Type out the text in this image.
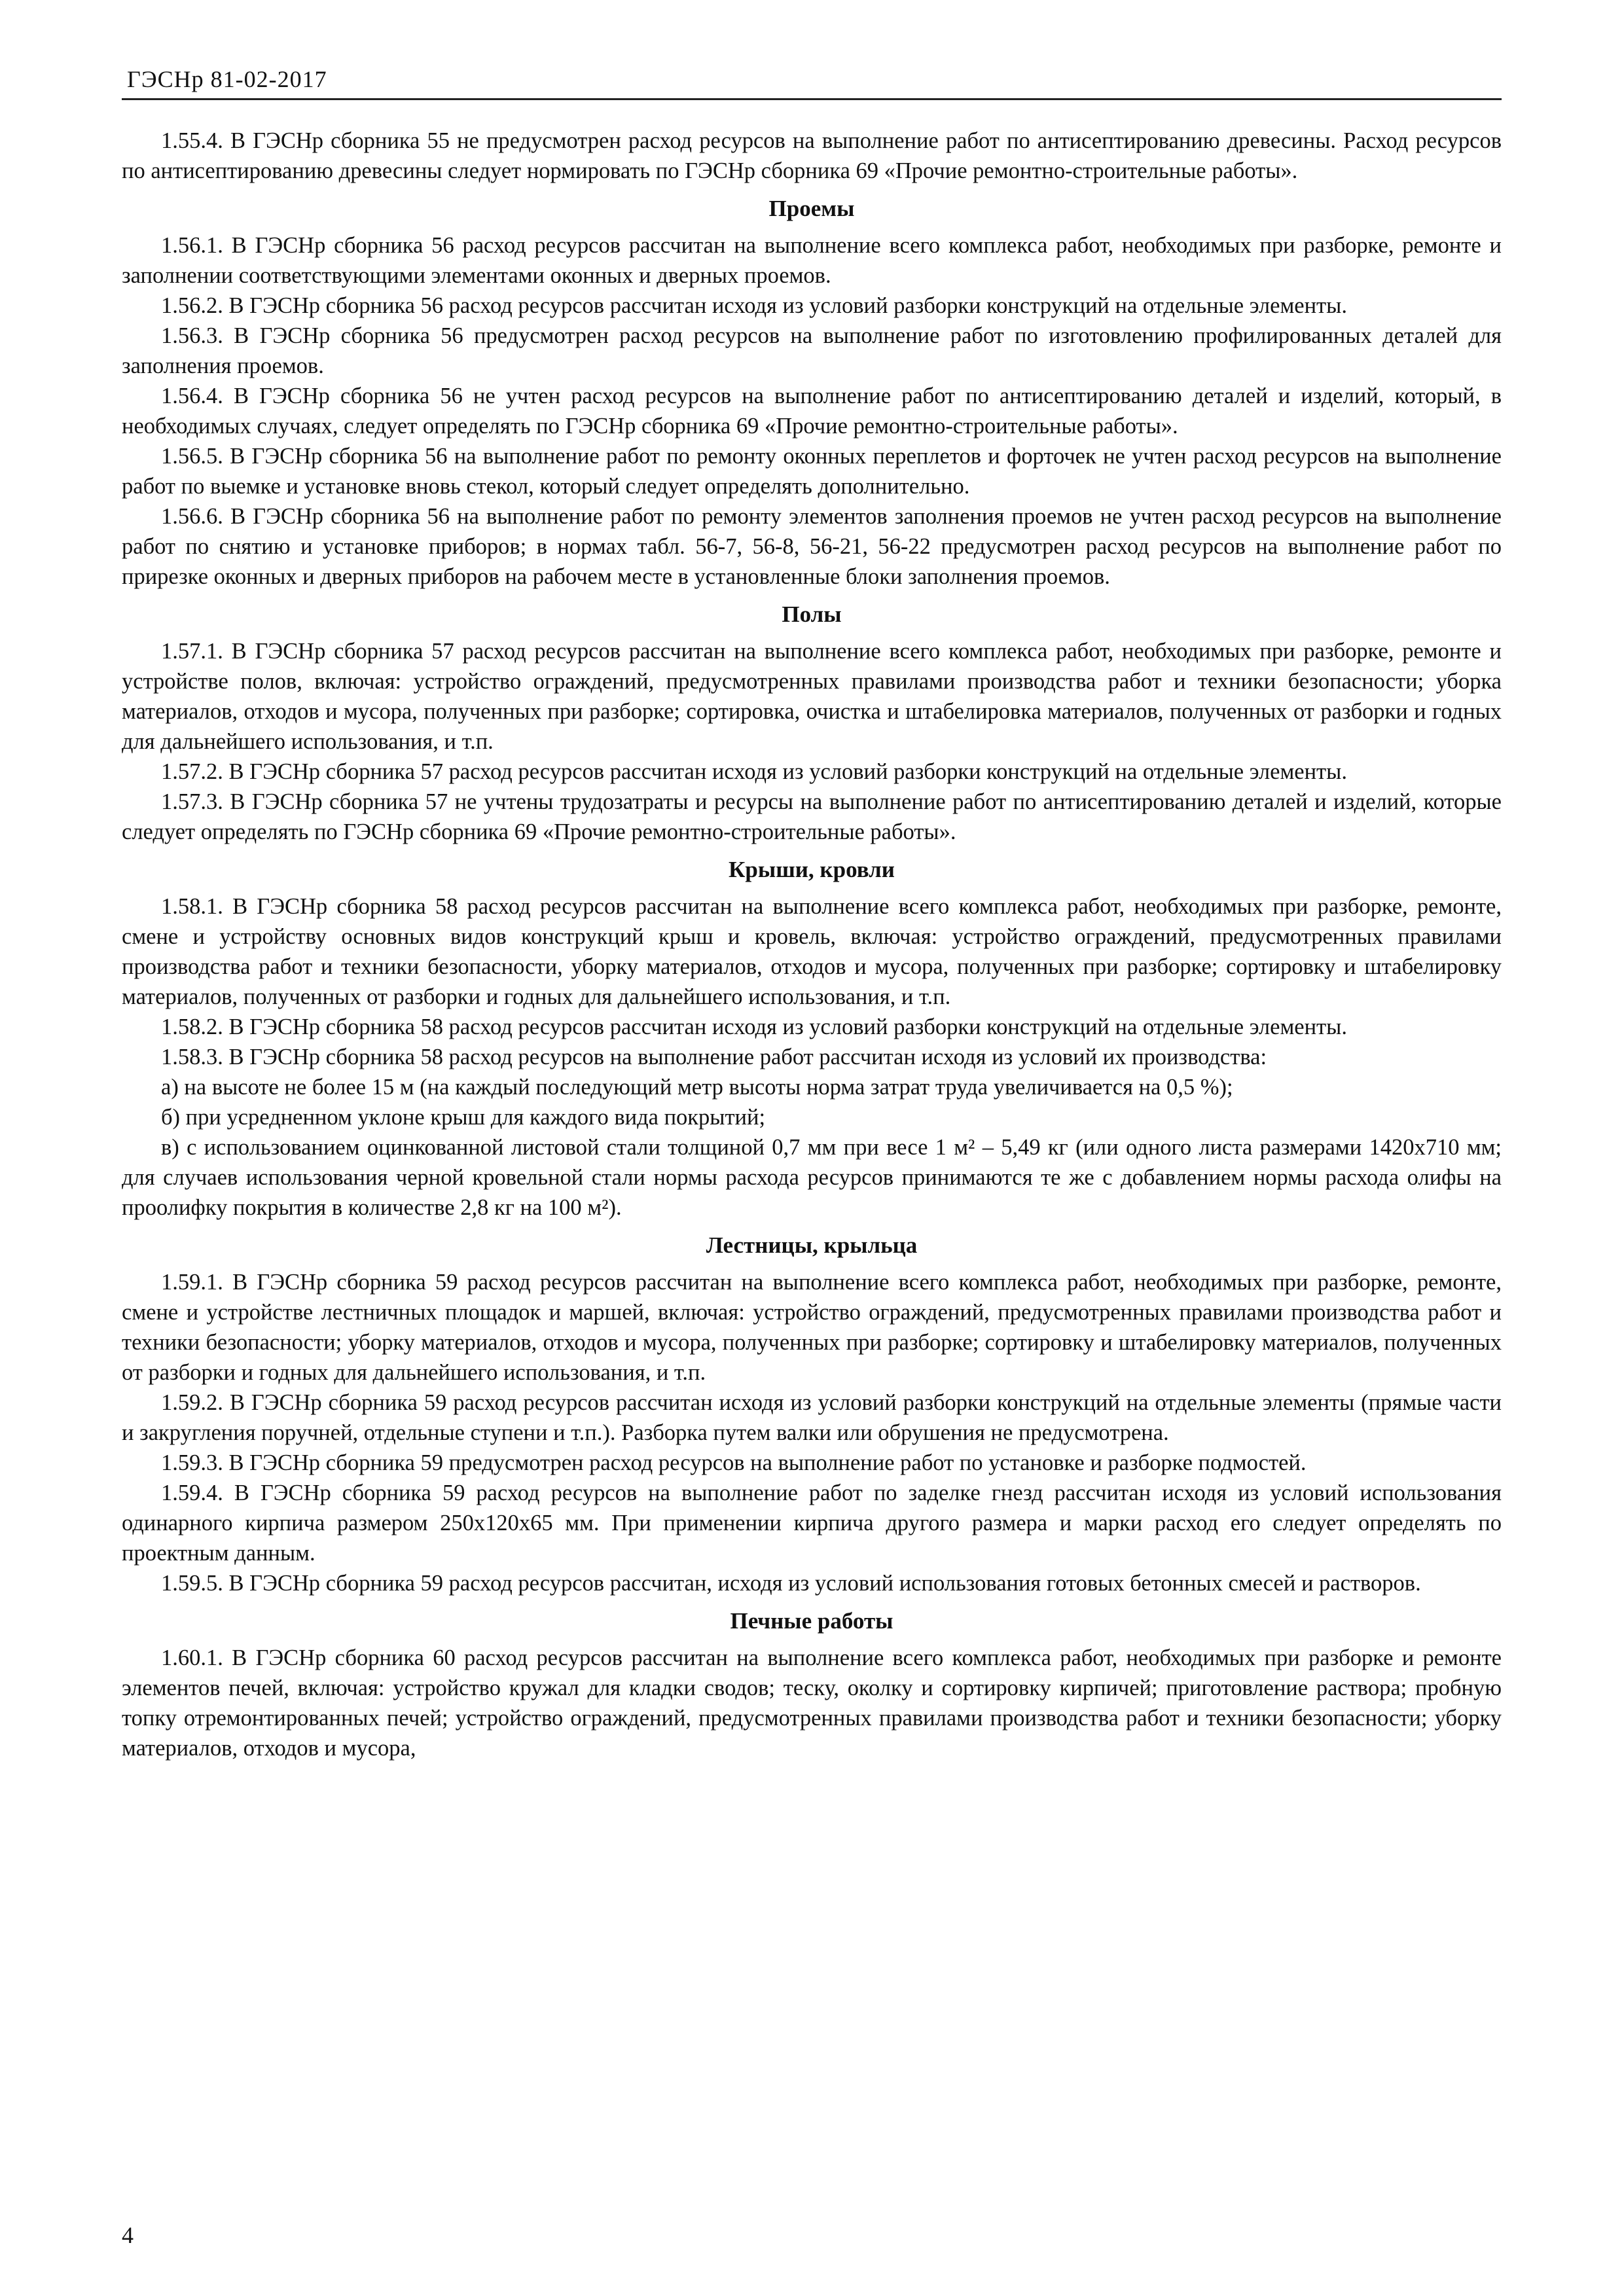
ГЭСНр 81-02-2017

1.55.4. В ГЭСНр сборника 55 не предусмотрен расход ресурсов на выполнение работ по антисептированию древесины. Расход ресурсов по антисептированию древесины следует нормировать по ГЭСНр сборника 69 «Прочие ремонтно-строительные работы».

Проемы

1.56.1. В ГЭСНр сборника 56 расход ресурсов рассчитан на выполнение всего комплекса работ, необходимых при разборке, ремонте и заполнении соответствующими элементами оконных и дверных проемов.

1.56.2. В ГЭСНр сборника 56 расход ресурсов рассчитан исходя из условий разборки конструкций на отдельные элементы.

1.56.3. В ГЭСНр сборника 56 предусмотрен расход ресурсов на выполнение работ по изготовлению профилированных деталей для заполнения проемов.

1.56.4. В ГЭСНр сборника 56 не учтен расход ресурсов на выполнение работ по антисептированию деталей и изделий, который, в необходимых случаях, следует определять по ГЭСНр сборника 69 «Прочие ремонтно-строительные работы».

1.56.5. В ГЭСНр сборника 56 на выполнение работ по ремонту оконных переплетов и форточек не учтен расход ресурсов на выполнение работ по выемке и установке вновь стекол, который следует определять дополнительно.

1.56.6. В ГЭСНр сборника 56 на выполнение работ по ремонту элементов заполнения проемов не учтен расход ресурсов на выполнение работ по снятию и установке приборов; в нормах табл. 56-7, 56-8, 56-21, 56-22 предусмотрен расход ресурсов на выполнение работ по прирезке оконных и дверных приборов на рабочем месте в установленные блоки заполнения проемов.

Полы

1.57.1. В ГЭСНр сборника 57 расход ресурсов рассчитан на выполнение всего комплекса работ, необходимых при разборке, ремонте и устройстве полов, включая: устройство ограждений, предусмотренных правилами производства работ и техники безопасности; уборка материалов, отходов и мусора, полученных при разборке; сортировка, очистка и штабелировка материалов, полученных от разборки и годных для дальнейшего использования, и т.п.

1.57.2. В ГЭСНр сборника 57 расход ресурсов рассчитан исходя из условий разборки конструкций на отдельные элементы.

1.57.3. В ГЭСНр сборника 57 не учтены трудозатраты и ресурсы на выполнение работ по антисептированию деталей и изделий, которые следует определять по ГЭСНр сборника 69 «Прочие ремонтно-строительные работы».

Крыши, кровли

1.58.1. В ГЭСНр сборника 58 расход ресурсов рассчитан на выполнение всего комплекса работ, необходимых при разборке, ремонте, смене и устройству основных видов конструкций крыш и кровель, включая: устройство ограждений, предусмотренных правилами производства работ и техники безопасности, уборку материалов, отходов и мусора, полученных при разборке; сортировку и штабелировку материалов, полученных от разборки и годных для дальнейшего использования, и т.п.

1.58.2. В ГЭСНр сборника 58 расход ресурсов рассчитан исходя из условий разборки конструкций на отдельные элементы.

1.58.3. В ГЭСНр сборника 58 расход ресурсов на выполнение работ рассчитан исходя из условий их производства:

а) на высоте не более 15 м (на каждый последующий метр высоты норма затрат труда увеличивается на 0,5 %);

б) при усредненном уклоне крыш для каждого вида покрытий;

в) с использованием оцинкованной листовой стали толщиной 0,7 мм при весе 1 м² – 5,49 кг (или одного листа размерами 1420х710 мм; для случаев использования черной кровельной стали нормы расхода ресурсов принимаются те же с добавлением нормы расхода олифы на проолифку покрытия в количестве 2,8 кг на 100 м²).

Лестницы, крыльца

1.59.1. В ГЭСНр сборника 59 расход ресурсов рассчитан на выполнение всего комплекса работ, необходимых при разборке, ремонте, смене и устройстве лестничных площадок и маршей, включая: устройство ограждений, предусмотренных правилами производства работ и техники безопасности; уборку материалов, отходов и мусора, полученных при разборке; сортировку и штабелировку материалов, полученных от разборки и годных для дальнейшего использования, и т.п.

1.59.2. В ГЭСНр сборника 59 расход ресурсов рассчитан исходя из условий разборки конструкций на отдельные элементы (прямые части и закругления поручней, отдельные ступени и т.п.). Разборка путем валки или обрушения не предусмотрена.

1.59.3. В ГЭСНр сборника 59 предусмотрен расход ресурсов на выполнение работ по установке и разборке подмостей.

1.59.4. В ГЭСНр сборника 59 расход ресурсов на выполнение работ по заделке гнезд рассчитан исходя из условий использования одинарного кирпича размером 250х120х65 мм. При применении кирпича другого размера и марки расход его следует определять по проектным данным.

1.59.5. В ГЭСНр сборника 59 расход ресурсов рассчитан, исходя из условий использования готовых бетонных смесей и растворов.

Печные работы

1.60.1. В ГЭСНр сборника 60 расход ресурсов рассчитан на выполнение всего комплекса работ, необходимых при разборке и ремонте элементов печей, включая: устройство кружал для кладки сводов; теску, околку и сортировку кирпичей; приготовление раствора; пробную топку отремонтированных печей; устройство ограждений, предусмотренных правилами производства работ и техники безопасности; уборку материалов, отходов и мусора,

4
